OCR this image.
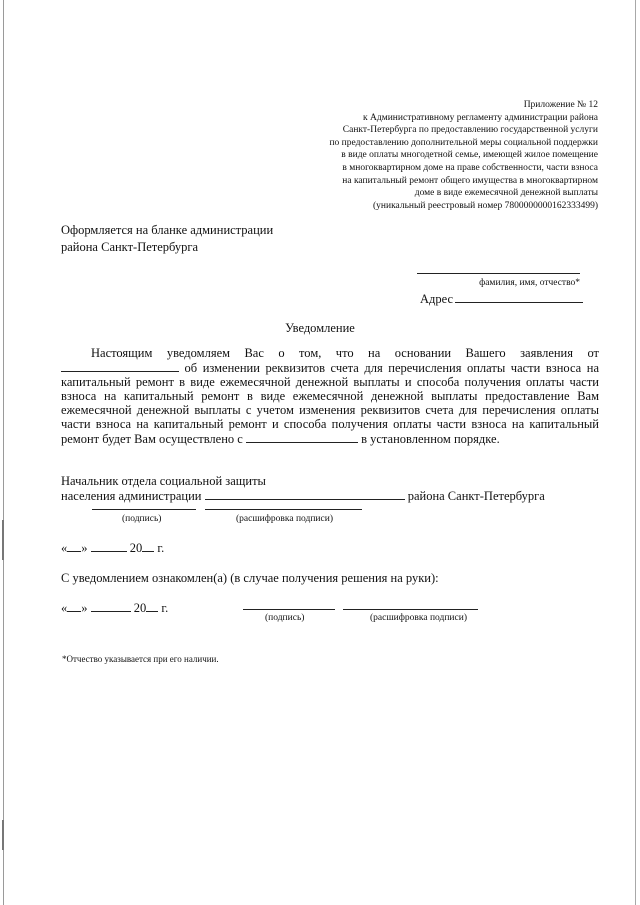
Приложение № 12
к Административному регламенту администрации района
Санкт-Петербурга по предоставлению государственной услуги
по предоставлению дополнительной меры социальной поддержки
в виде оплаты многодетной семье, имеющей жилое помещение
в многоквартирном доме на праве собственности, части взноса
на капитальный ремонт общего имущества в многоквартирном
доме в виде ежемесячной денежной выплаты
(уникальный реестровый номер 7800000000162333499)
Оформляется на бланке администрации
района Санкт-Петербурга
фамилия, имя, отчество*
Адрес
Уведомление
Настоящим уведомляем Вас о том, что на основании Вашего заявления от  об изменении реквизитов счета для перечисления оплаты части взноса на капитальный ремонт в виде ежемесячной денежной выплаты и способа получения оплаты части взноса на капитальный ремонт в виде ежемесячной денежной выплаты предоставление Вам ежемесячной денежной выплаты с учетом изменения реквизитов счета для перечисления оплаты части взноса на капитальный ремонт и способа получения оплаты части взноса на капитальный ремонт будет Вам осуществлено с	в установленном порядке.
Начальник отдела социальной защиты
населения администрации	района Санкт-Петербурга
(подпись)	(расшифровка подписи)
« »	20 г.
С уведомлением ознакомлен(а) (в случае получения решения на руки):
« »	20 г.
(подпись)	(расшифровка подписи)
*Отчество указывается при его наличии.
